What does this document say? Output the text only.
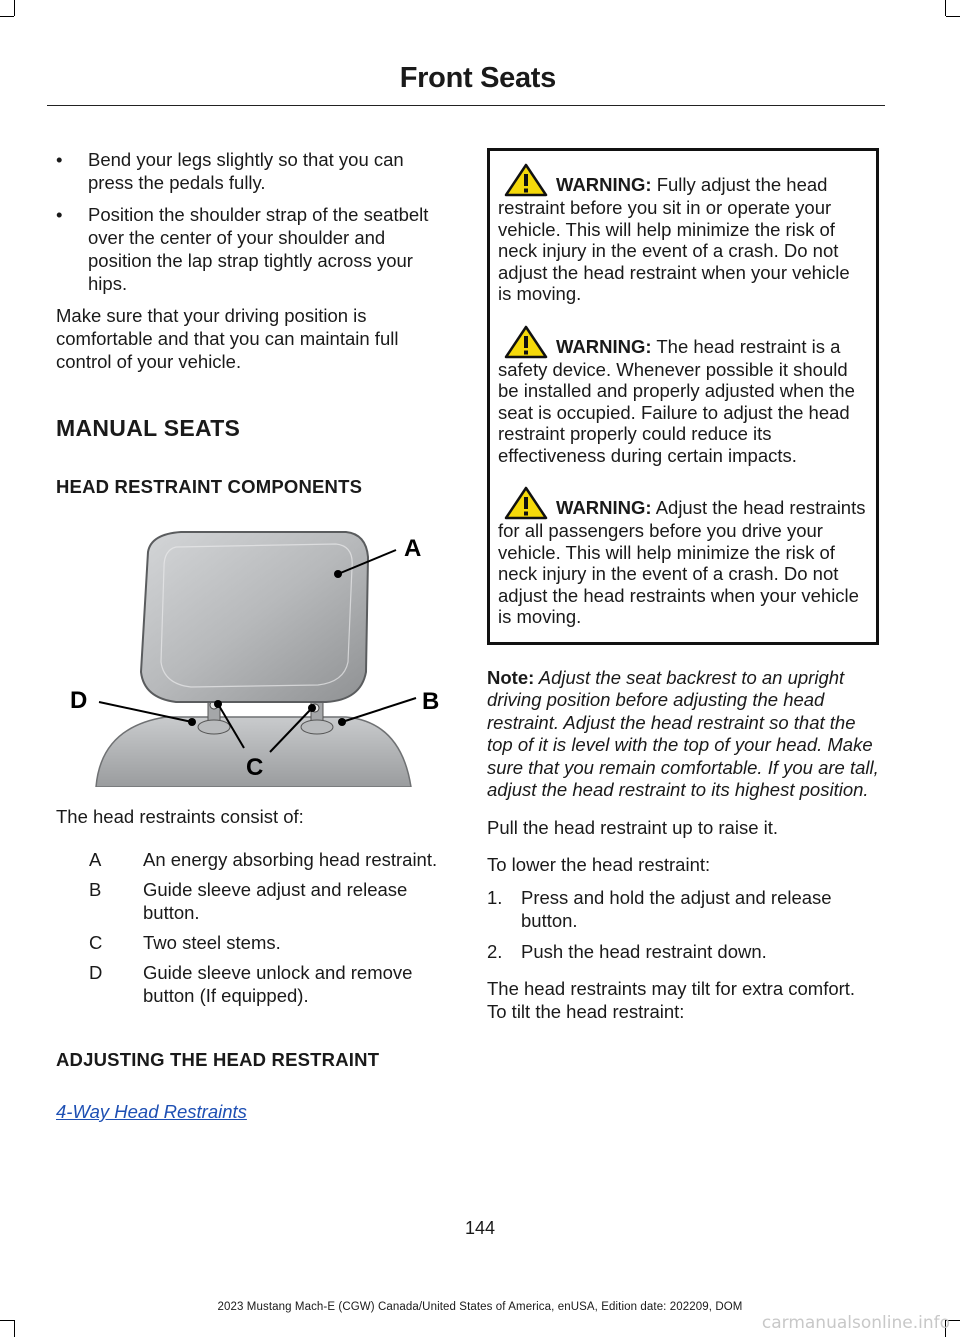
Front Seats
•	Bend your legs slightly so that you can press the pedals fully.
•	Position the shoulder strap of the seatbelt over the center of your shoulder and position the lap strap tightly across your hips.

Make sure that your driving position is comfortable and that you can maintain full control of your vehicle.

MANUAL SEATS
HEAD RESTRAINT COMPONENTS
A
B
C
D

The head restraints consist of:

A	An energy absorbing head restraint.
B	Guide sleeve adjust and release button.
C	Two steel stems.
D	Guide sleeve unlock and remove button (If equipped).
ADJUSTING THE HEAD RESTRAINT
4-Way Head Restraints
WARNING: Fully adjust the head restraint before you sit in or operate your vehicle. This will help minimize the risk of neck injury in the event of a crash. Do not adjust the head restraint when your vehicle is moving.
WARNING: The head restraint is a safety device. Whenever possible it should be installed and properly adjusted when the seat is occupied. Failure to adjust the head restraint properly could reduce its effectiveness during certain impacts.
WARNING: Adjust the head restraints for all passengers before you drive your vehicle. This will help minimize the risk of neck injury in the event of a crash. Do not adjust the head restraints when your vehicle is moving.

Note: Adjust the seat backrest to an upright driving position before adjusting the head restraint. Adjust the head restraint so that the top of it is level with the top of your head. Make sure that you remain comfortable. If you are tall, adjust the head restraint to its highest position.

Pull the head restraint up to raise it.

To lower the head restraint:

1.	Press and hold the adjust and release button.
2.	Push the head restraint down.

The head restraints may tilt for extra comfort. To tilt the head restraint:

144
2023 Mustang Mach-E (CGW) Canada/United States of America, enUSA, Edition date: 202209, DOM
carmanualsonline.info
